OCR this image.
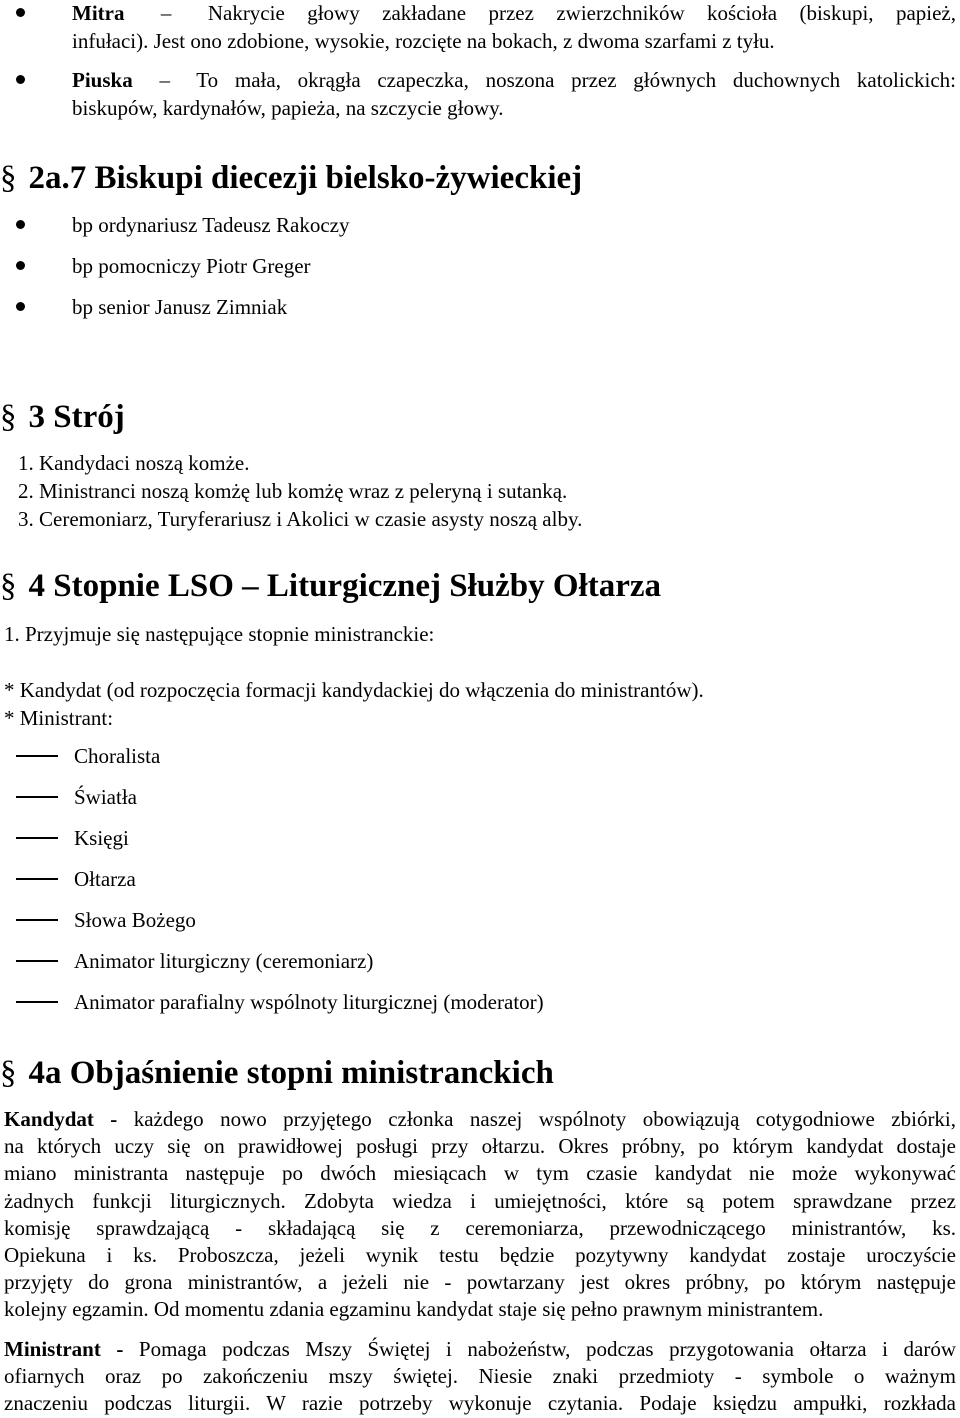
Mitra – Nakrycie głowy zakładane przez zwierzchników kościoła (biskupi, papież,
infułaci). Jest ono zdobione, wysokie, rozcięte na bokach, z dwoma szarfami z tyłu.
Piuska – To mała, okrągła czapeczka, noszona przez głównych duchownych katolickich:
biskupów, kardynałów, papieża, na szczycie głowy.
§ 2a.7 Biskupi diecezji bielsko-żywieckiej
bp ordynariusz Tadeusz Rakoczy
bp pomocniczy Piotr Greger
bp senior Janusz Zimniak
§ 3 Strój
1. Kandydaci noszą komże.
2. Ministranci noszą komżę lub komżę wraz z peleryną i sutanką.
3. Ceremoniarz, Turyferariusz i Akolici w czasie asysty noszą alby.
§ 4 Stopnie LSO – Liturgicznej Służby Ołtarza
1. Przyjmuje się następujące stopnie ministranckie:
* Kandydat (od rozpoczęcia formacji kandydackiej do włączenia do ministrantów).
* Ministrant:
Choralista
Światła
Księgi
Ołtarza
Słowa Bożego
Animator liturgiczny (ceremoniarz)
Animator parafialny wspólnoty liturgicznej (moderator)
§ 4a Objaśnienie stopni ministranckich
Kandydat - każdego nowo przyjętego członka naszej wspólnoty obowiązują cotygodniowe zbiórki,
na których uczy się on prawidłowej posługi przy ołtarzu. Okres próbny, po którym kandydat dostaje
miano ministranta następuje po dwóch miesiącach w tym czasie kandydat nie może wykonywać
żadnych funkcji liturgicznych. Zdobyta wiedza i umiejętności, które są potem sprawdzane przez
komisję sprawdzającą - składającą się z ceremoniarza, przewodniczącego ministrantów, ks.
Opiekuna i ks. Proboszcza, jeżeli wynik testu będzie pozytywny kandydat zostaje uroczyście
przyjęty do grona ministrantów, a jeżeli nie - powtarzany jest okres próbny, po którym następuje
kolejny egzamin. Od momentu zdania egzaminu kandydat staje się pełno prawnym ministrantem.
Ministrant - Pomaga podczas Mszy Świętej i nabożeństw, podczas przygotowania ołtarza i darów
ofiarnych oraz po zakończeniu mszy świętej. Niesie znaki przedmioty - symbole o ważnym
znaczeniu podczas liturgii. W razie potrzeby wykonuje czytania. Podaje księdzu ampułki, rozkłada
